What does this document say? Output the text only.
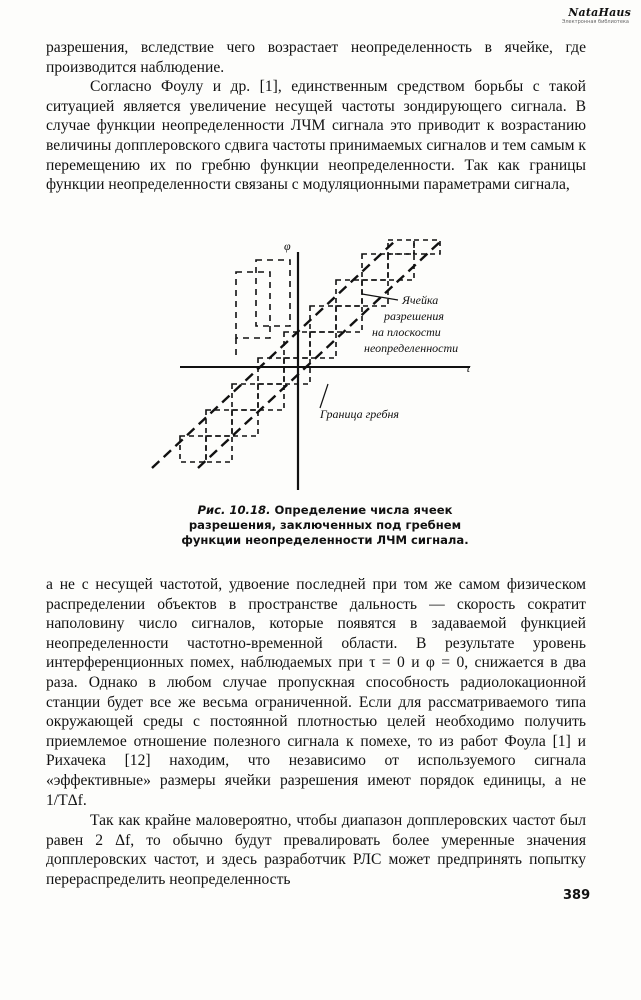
NataHaus
Электронная библиотека

разрешения, вследствие чего возрастает неопределенность в ячейке, где производится наблюдение.

Согласно Фоулу и др. [1], единственным средством борьбы с такой ситуацией является увеличение несущей частоты зондирующего сигнала. В случае функции неопределенности ЛЧМ сигнала это приводит к возрастанию величины допплеровского сдвига частоты принимаемых сигналов и тем самым к перемещению их по гребню функции неопределенности. Так как границы функции неопределенности связаны с модуляционными параметрами сигнала,

φ
τ
Ячейка
разрешения
на плоскости
неопределенности
Граница гребня
Рис. 10.18. Определение числа ячеек разрешения, заключенных под гребнем функции неопределенности ЛЧМ сигнала.

а не с несущей частотой, удвоение последней при том же самом физическом распределении объектов в пространстве дальность — скорость сократит наполовину число сигналов, которые появятся в задаваемой функцией неопределенности частотно-временной области. В результате уровень интерференционных помех, наблюдаемых при τ = 0 и φ = 0, снижается в два раза. Однако в любом случае пропускная способность радиолокационной станции будет все же весьма ограниченной. Если для рассматриваемого типа окружающей среды с постоянной плотностью целей необходимо получить приемлемое отношение полезного сигнала к помехе, то из работ Фоула [1] и Рихачека [12] находим, что независимо от используемого сигнала «эффективные» размеры ячейки разрешения имеют порядок единицы, а не 1/TΔf.

Так как крайне маловероятно, чтобы диапазон допплеровских частот был равен 2 Δf, то обычно будут превалировать более умеренные значения допплеровских частот, и здесь разработчик РЛС может предпринять попытку перераспределить неопределенность

389
